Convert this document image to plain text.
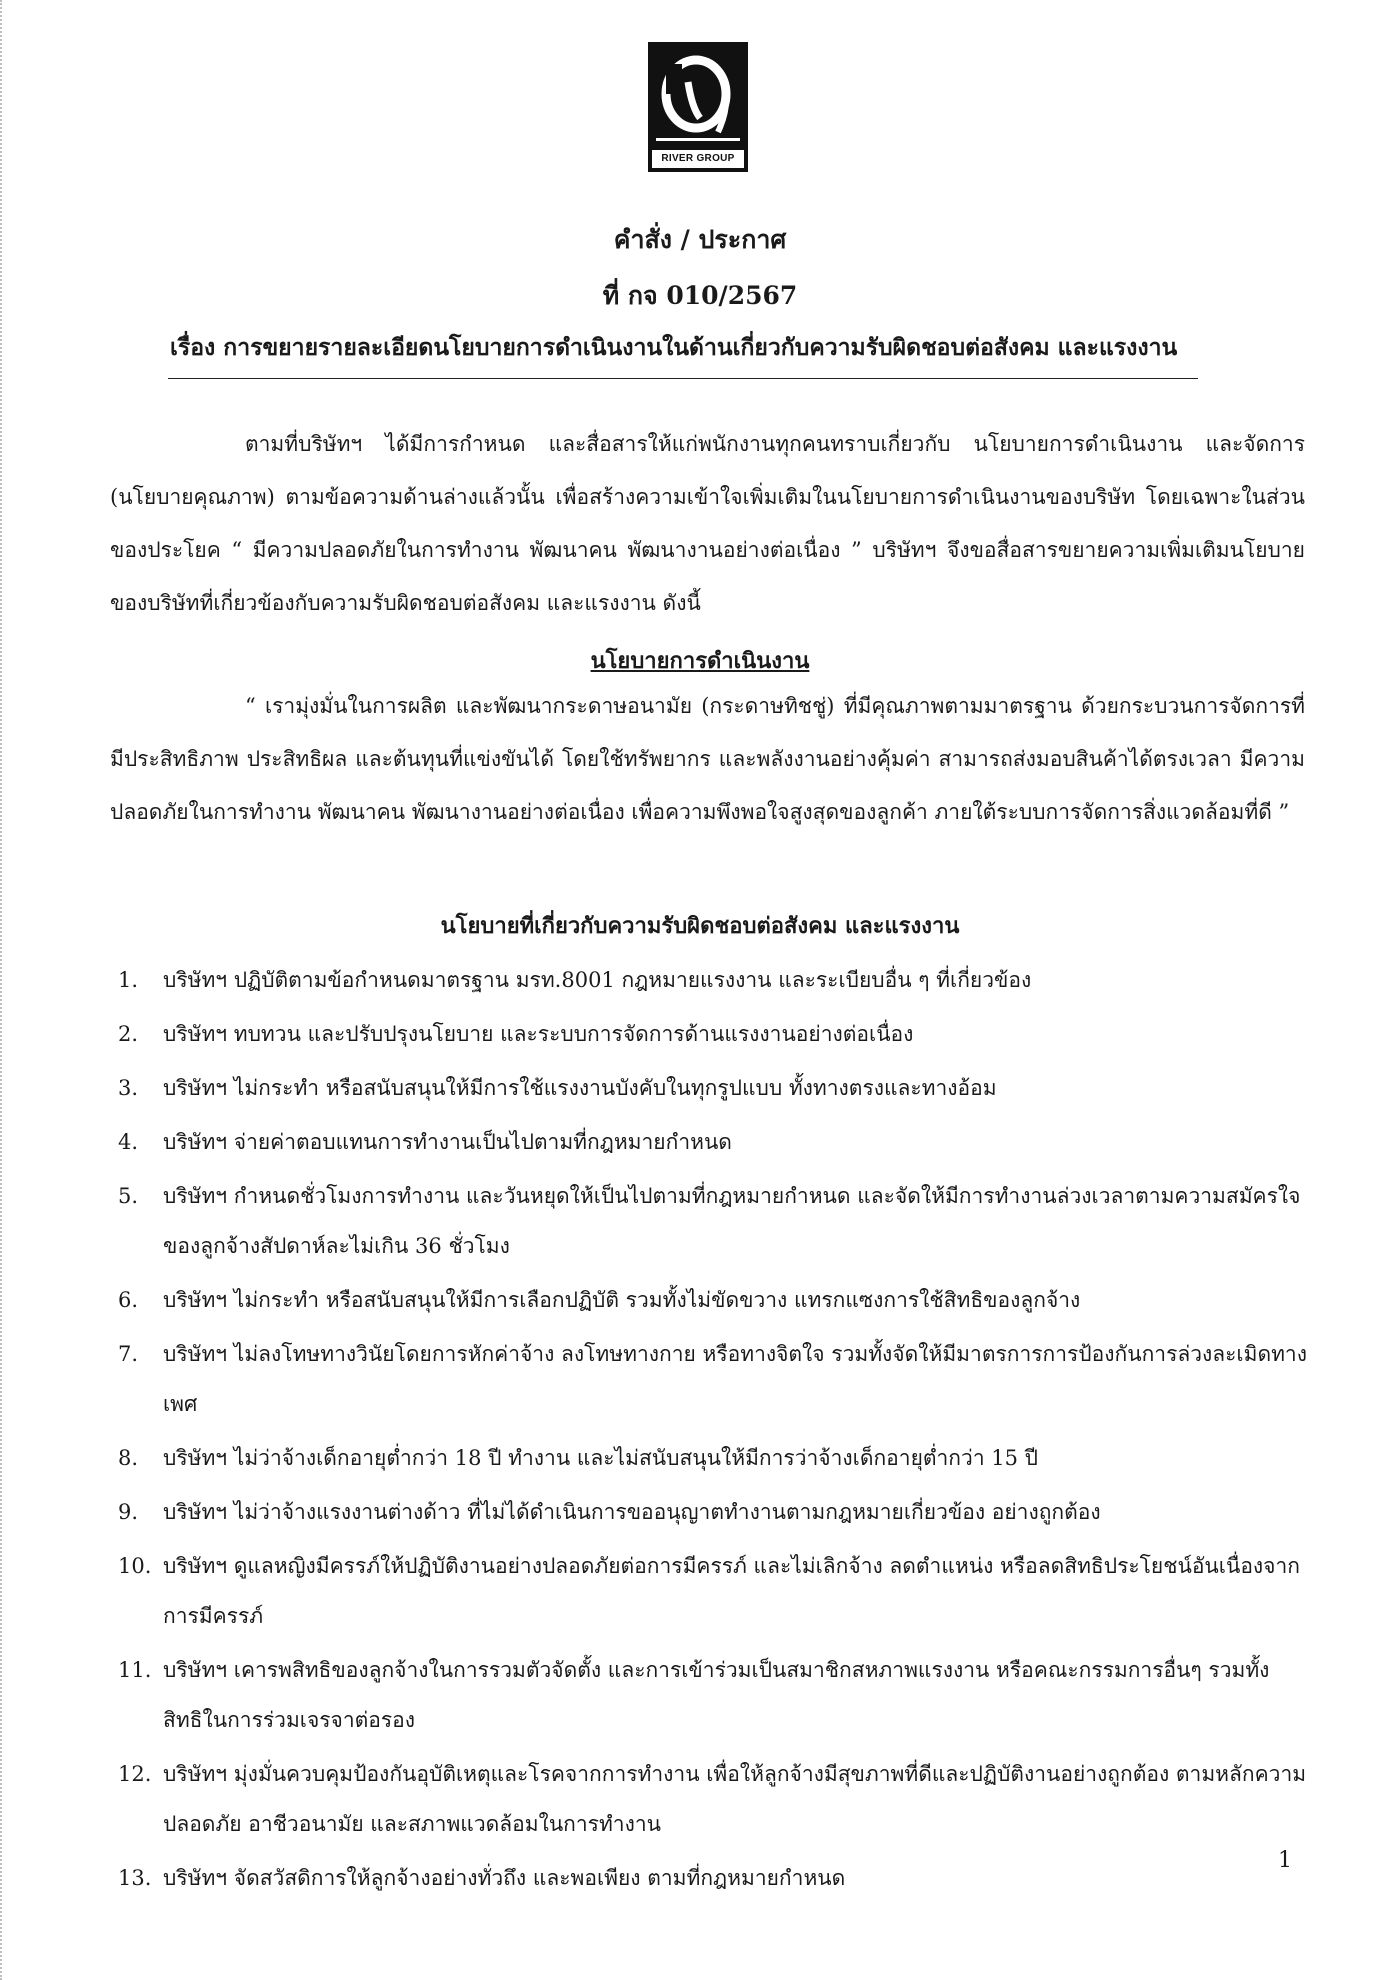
RIVER GROUP
คำสั่ง / ประกาศ
ที่ กจ 010/2567
เรื่อง การขยายรายละเอียดนโยบายการดำเนินงานในด้านเกี่ยวกับความรับผิดชอบต่อสังคม และแรงงาน
ตามที่บริษัทฯ ได้มีการกำหนด และสื่อสารให้แก่พนักงานทุกคนทราบเกี่ยวกับ นโยบายการดำเนินงาน และจัดการ (นโยบายคุณภาพ) ตามข้อความด้านล่างแล้วนั้น เพื่อสร้างความเข้าใจเพิ่มเติมในนโยบายการดำเนินงานของบริษัท โดยเฉพาะในส่วนของประโยค “ มีความปลอดภัยในการทำงาน พัฒนาคน พัฒนางานอย่างต่อเนื่อง ” บริษัทฯ จึงขอสื่อสารขยายความเพิ่มเติมนโยบายของบริษัทที่เกี่ยวข้องกับความรับผิดชอบต่อสังคม และแรงงาน ดังนี้
นโยบายการดำเนินงาน
“ เรามุ่งมั่นในการผลิต และพัฒนากระดาษอนามัย (กระดาษทิชชู่) ที่มีคุณภาพตามมาตรฐาน ด้วยกระบวนการจัดการที่มีประสิทธิภาพ ประสิทธิผล และต้นทุนที่แข่งขันได้ โดยใช้ทรัพยากร และพลังงานอย่างคุ้มค่า สามารถส่งมอบสินค้าได้ตรงเวลา มีความปลอดภัยในการทำงาน พัฒนาคน พัฒนางานอย่างต่อเนื่อง เพื่อความพึงพอใจสูงสุดของลูกค้า ภายใต้ระบบการจัดการสิ่งแวดล้อมที่ดี ”
นโยบายที่เกี่ยวกับความรับผิดชอบต่อสังคม และแรงงาน
1.	บริษัทฯ ปฏิบัติตามข้อกำหนดมาตรฐาน มรท.8001 กฎหมายแรงงาน และระเบียบอื่น ๆ ที่เกี่ยวข้อง
2.	บริษัทฯ ทบทวน และปรับปรุงนโยบาย และระบบการจัดการด้านแรงงานอย่างต่อเนื่อง
3.	บริษัทฯ ไม่กระทำ หรือสนับสนุนให้มีการใช้แรงงานบังคับในทุกรูปแบบ ทั้งทางตรงและทางอ้อม
4.	บริษัทฯ จ่ายค่าตอบแทนการทำงานเป็นไปตามที่กฎหมายกำหนด
5.	บริษัทฯ กำหนดชั่วโมงการทำงาน และวันหยุดให้เป็นไปตามที่กฎหมายกำหนด และจัดให้มีการทำงานล่วงเวลาตามความสมัครใจของลูกจ้างสัปดาห์ละไม่เกิน 36 ชั่วโมง
6.	บริษัทฯ ไม่กระทำ หรือสนับสนุนให้มีการเลือกปฏิบัติ รวมทั้งไม่ขัดขวาง แทรกแซงการใช้สิทธิของลูกจ้าง
7.	บริษัทฯ ไม่ลงโทษทางวินัยโดยการหักค่าจ้าง ลงโทษทางกาย หรือทางจิตใจ รวมทั้งจัดให้มีมาตรการการป้องกันการล่วงละเมิดทางเพศ
8.	บริษัทฯ ไม่ว่าจ้างเด็กอายุต่ำกว่า 18 ปี ทำงาน และไม่สนับสนุนให้มีการว่าจ้างเด็กอายุต่ำกว่า 15 ปี
9.	บริษัทฯ ไม่ว่าจ้างแรงงานต่างด้าว ที่ไม่ได้ดำเนินการขออนุญาตทำงานตามกฎหมายเกี่ยวข้อง อย่างถูกต้อง
10. บริษัทฯ ดูแลหญิงมีครรภ์ให้ปฏิบัติงานอย่างปลอดภัยต่อการมีครรภ์ และไม่เลิกจ้าง ลดตำแหน่ง หรือลดสิทธิประโยชน์อันเนื่องจากการมีครรภ์
11. บริษัทฯ เคารพสิทธิของลูกจ้างในการรวมตัวจัดตั้ง และการเข้าร่วมเป็นสมาชิกสหภาพแรงงาน หรือคณะกรรมการอื่นๆ รวมทั้งสิทธิในการร่วมเจรจาต่อรอง
12. บริษัทฯ มุ่งมั่นควบคุมป้องกันอุบัติเหตุและโรคจากการทำงาน เพื่อให้ลูกจ้างมีสุขภาพที่ดีและปฏิบัติงานอย่างถูกต้อง ตามหลักความปลอดภัย อาชีวอนามัย และสภาพแวดล้อมในการทำงาน
13. บริษัทฯ จัดสวัสดิการให้ลูกจ้างอย่างทั่วถึง และพอเพียง ตามที่กฎหมายกำหนด
1
